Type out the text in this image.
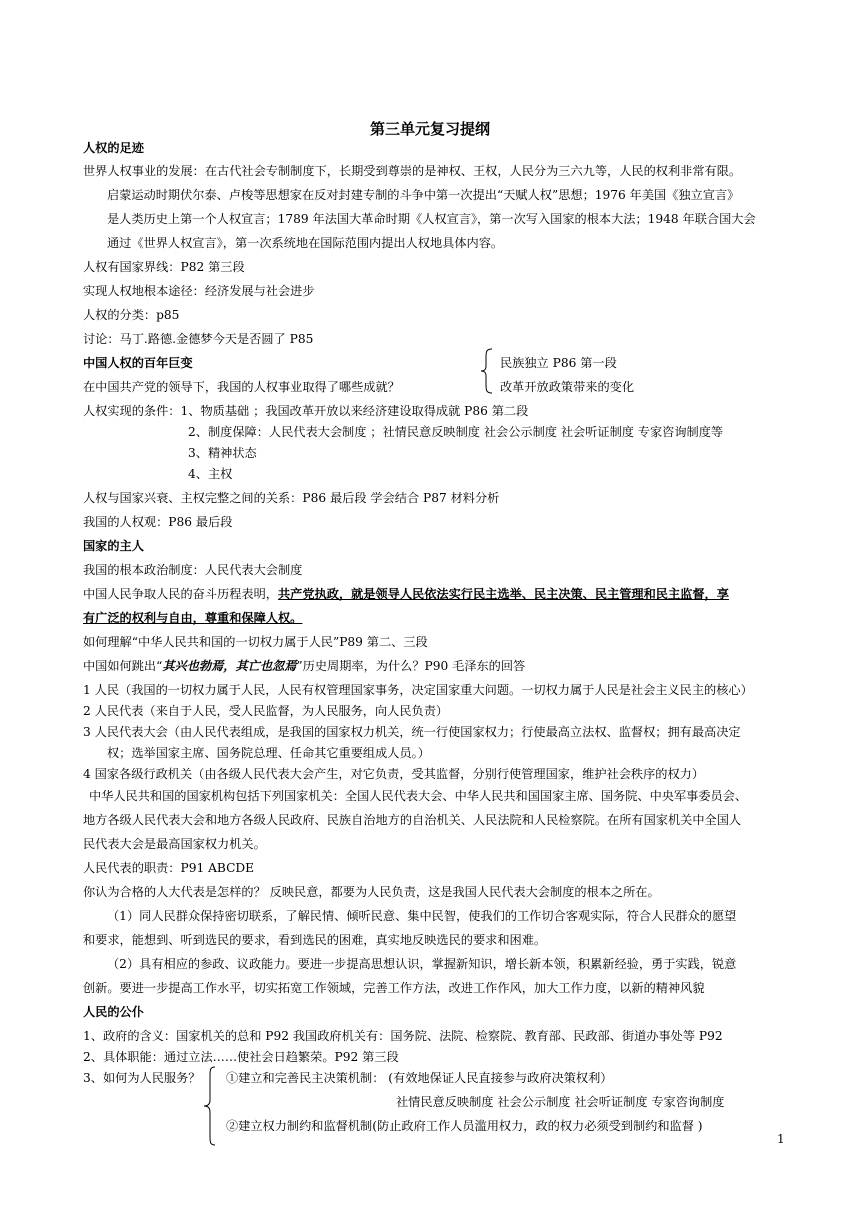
第三单元复习提纲
人权的足迹
世界人权事业的发展：在古代社会专制制度下，长期受到尊崇的是神权、王权，人民分为三六九等，人民的权利非常有限。
启蒙运动时期伏尔泰、卢梭等思想家在反对封建专制的斗争中第一次提出“天赋人权”思想；1976 年美国《独立宣言》
是人类历史上第一个人权宣言；1789 年法国大革命时期《人权宣言》，第一次写入国家的根本大法；1948 年联合国大会
通过《世界人权宣言》，第一次系统地在国际范围内提出人权地具体内容。
人权有国家界线：P82 第三段
实现人权地根本途径：经济发展与社会进步
人权的分类：p85
讨论：马丁.路德.金德梦今天是否圆了 P85
中国人权的百年巨变
在中国共产党的领导下，我国的人权事业取得了哪些成就？
民族独立 P86 第一段
改革开放政策带来的变化
人权实现的条件：1、物质基础 ；我国改革开放以来经济建设取得成就 P86 第二段
2、制度保障：人民代表大会制度 ；社情民意反映制度 社会公示制度 社会听证制度 专家咨询制度等
3、精神状态
4、主权
人权与国家兴衰、主权完整之间的关系：P86 最后段 学会结合 P87 材料分析
我国的人权观：P86 最后段
国家的主人
我国的根本政治制度：人民代表大会制度
中国人民争取人民的奋斗历程表明，共产党执政，就是领导人民依法实行民主选举、民主决策、民主管理和民主监督，享
有广泛的权利与自由，尊重和保障人权。
如何理解“中华人民共和国的一切权力属于人民”P89 第二、三段
中国如何跳出“其兴也勃焉，其亡也忽焉”历史周期率，为什么？P90 毛泽东的回答
1 人民（我国的一切权力属于人民，人民有权管理国家事务，决定国家重大问题。一切权力属于人民是社会主义民主的核心）
2 人民代表（来自于人民，受人民监督，为人民服务，向人民负责）
3 人民代表大会（由人民代表组成，是我国的国家权力机关，统一行使国家权力；行使最高立法权、监督权；拥有最高决定
权；选举国家主席、国务院总理、任命其它重要组成人员。）
4 国家各级行政机关（由各级人民代表大会产生，对它负责，受其监督，分别行使管理国家，维护社会秩序的权力）
中华人民共和国的国家机构包括下列国家机关：全国人民代表大会、中华人民共和国国家主席、国务院、中央军事委员会、
地方各级人民代表大会和地方各级人民政府、民族自治地方的自治机关、人民法院和人民检察院。在所有国家机关中全国人
民代表大会是最高国家权力机关。
人民代表的职责：P91 ABCDE
你认为合格的人大代表是怎样的？ 反映民意，都要为人民负责，这是我国人民代表大会制度的根本之所在。
（1）同人民群众保持密切联系，了解民情、倾听民意、集中民智，使我们的工作切合客观实际，符合人民群众的愿望
和要求，能想到、听到选民的要求，看到选民的困难，真实地反映选民的要求和困难。
（2）具有相应的参政、议政能力。要进一步提高思想认识，掌握新知识，增长新本领，积累新经验，勇于实践，锐意
创新。要进一步提高工作水平，切实拓宽工作领域，完善工作方法，改进工作作风，加大工作力度，以新的精神风貌
人民的公仆
1、政府的含义：国家机关的总和 P92 我国政府机关有：国务院、法院、检察院、教育部、民政部、街道办事处等 P92
2、具体职能：通过立法……使社会日趋繁荣。P92 第三段
3、如何为人民服务？ ①建立和完善民主决策机制： (有效地保证人民直接参与政府决策权利）
社情民意反映制度 社会公示制度 社会听证制度 专家咨询制度
②建立权力制约和监督机制(防止政府工作人员滥用权力，政的权力必须受到制约和监督 )
1
